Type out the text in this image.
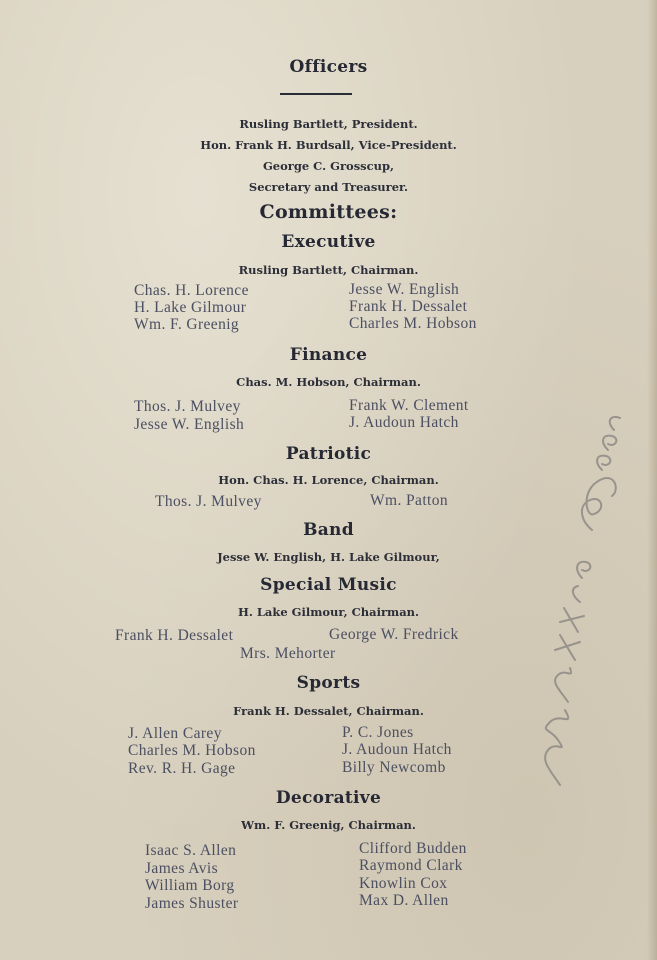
Officers
Rusling Bartlett, President.
Hon. Frank H. Burdsall, Vice-President.
George C. Grosscup,
Secretary and Treasurer.
Committees:
Executive
Rusling Bartlett, Chairman.
Chas. H. Lorence
H. Lake Gilmour
Wm. F. Greenig
Jesse W. English
Frank H. Dessalet
Charles M. Hobson
Finance
Chas. M. Hobson, Chairman.
Thos. J. Mulvey
Jesse W. English
Frank W. Clement
J. Audoun Hatch
Patriotic
Hon. Chas. H. Lorence, Chairman.
Thos. J. Mulvey	Wm. Patton
Band
Jesse W. English, H. Lake Gilmour,
Special Music
H. Lake Gilmour, Chairman.
Frank H. Dessalet	George W. Fredrick
Mrs. Mehorter
Sports
Frank H. Dessalet, Chairman.
J. Allen Carey
Charles M. Hobson
Rev. R. H. Gage
P. C. Jones
J. Audoun Hatch
Billy Newcomb
Decorative
Wm. F. Greenig, Chairman.
Isaac S. Allen
James Avis
William Borg
James Shuster
Clifford Budden
Raymond Clark
Knowlin Cox
Max D. Allen
